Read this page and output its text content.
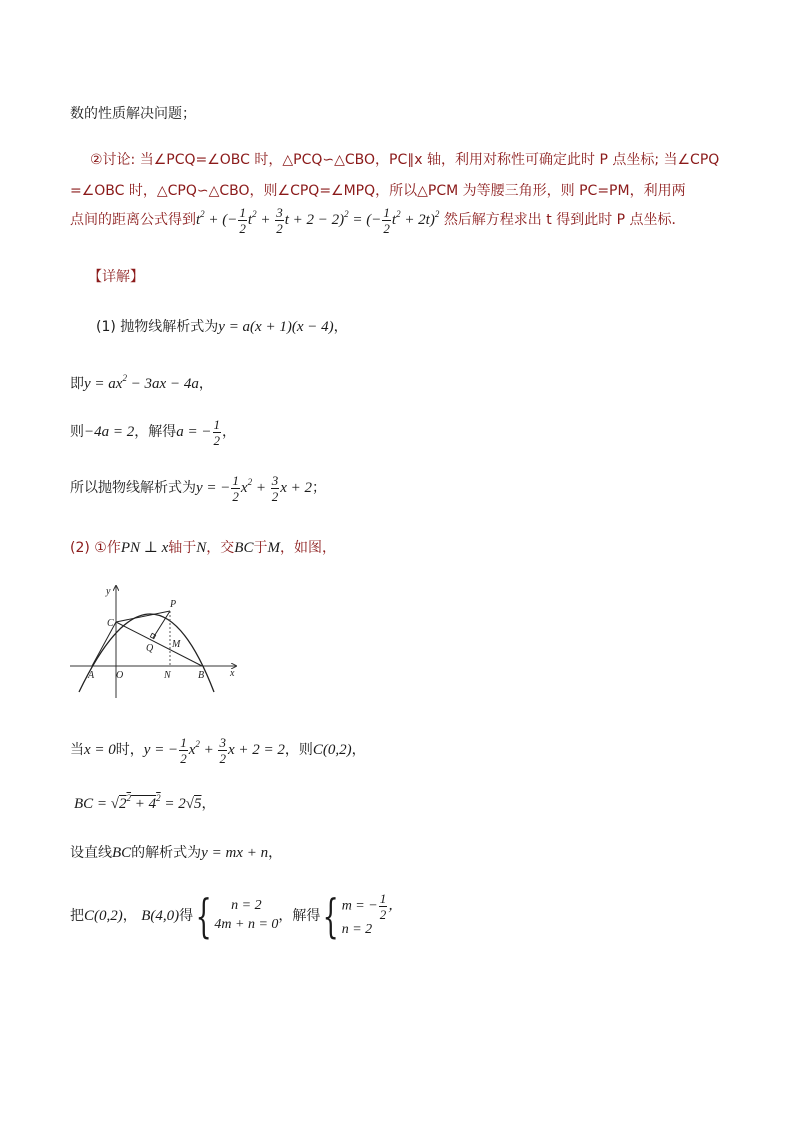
数的性质解决问题；
②讨论: 当∠PCQ=∠OBC 时，△PCQ∽△CBO，PC∥x 轴，利用对称性可确定此时 P 点坐标; 当∠CPQ
=∠OBC 时，△CPQ∽△CBO，则∠CPQ=∠MPQ，所以△PCM 为等腰三角形，则 PC=PM，利用两
点间的距离公式得到$t^2$ + (− $\frac{1}{2} t^2 + \frac{3}{2}$ t + 2 − 2)$^2$ = (− $\frac{1}{2} t^2 + 2t)^2$ 然后解方程求出 t 得到此时 P 点坐标．
【详解】
(1) 抛物线解析式为y = a(x + 1)(x − 4)，
即$y = ax^2 - 3ax - 4a$，
则−4a = 2，解得a = − $\frac{1}{2}$ ，
所以抛物线解析式为y = − $\frac{1}{2} x^2 + \frac{3}{2}$ x + 2；
(2) ①作PN ⊥ x轴于N，交BC于M，如图，
y
x
C
P
Q M
A O	N	B
当x = 0时，y = − $\frac{1}{2} x^2 + \frac{3}{2}$ x + 2 = 2，则C(0,2)，
BC = $√2^2 + 4^2 = 2√5$，
设直线BC的解析式为y = mx + n，
把C(0,2)， B(4,0)得{	n = 2
4m + n = 0
，解得{ m = − $\frac{1}{2}$ ，
n = 2
